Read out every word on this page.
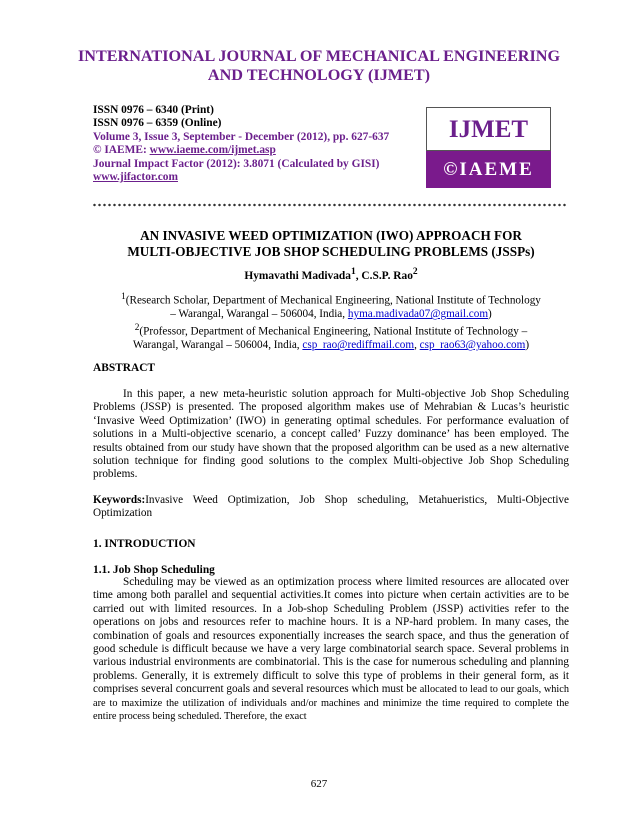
INTERNATIONAL JOURNAL OF MECHANICAL ENGINEERING
AND TECHNOLOGY (IJMET)
ISSN 0976 – 6340 (Print)
ISSN 0976 – 6359 (Online)
Volume 3, Issue 3, September - December (2012), pp. 627-637
© IAEME: www.iaeme.com/ijmet.asp
Journal Impact Factor (2012): 3.8071 (Calculated by GISI)
www.jifactor.com
IJMET
©IAEME
AN INVASIVE WEED OPTIMIZATION (IWO) APPROACH FOR
MULTI-OBJECTIVE JOB SHOP SCHEDULING PROBLEMS (JSSPs)
Hymavathi Madivada$^1$, C.S.P. Rao$^2$
$^1$(Research Scholar, Department of Mechanical Engineering, National Institute of Technology
– Warangal, Warangal – 506004, India, hyma.madivada07@gmail.com)
$^2$(Professor, Department of Mechanical Engineering, National Institute of Technology –
Warangal, Warangal – 506004, India, csp_rao@rediffmail.com, csp_rao63@yahoo.com)
ABSTRACT
In this paper, a new meta-heuristic solution approach for Multi-objective Job Shop Scheduling Problems (JSSP) is presented. The proposed algorithm makes use of Mehrabian & Lucas’s heuristic ‘Invasive Weed Optimization’ (IWO) in generating optimal schedules. For performance evaluation of solutions in a Multi-objective scenario, a concept called’ Fuzzy dominance’ has been employed. The results obtained from our study have shown that the proposed algorithm can be used as a new alternative solution technique for finding good solutions to the complex Multi-objective Job Shop Scheduling problems.
Keywords:Invasive Weed Optimization, Job Shop scheduling, Metahueristics, Multi-Objective Optimization
1. INTRODUCTION
1.1. Job Shop Scheduling
Scheduling may be viewed as an optimization process where limited resources are allocated over time among both parallel and sequential activities.It comes into picture when certain activities are to be carried out with limited resources. In a Job-shop Scheduling Problem (JSSP) activities refer to the operations on jobs and resources refer to machine hours. It is a NP-hard problem. In many cases, the combination of goals and resources exponentially increases the search space, and thus the generation of good schedule is difficult because we have a very large combinatorial search space. Several problems in various industrial environments are combinatorial. This is the case for numerous scheduling and planning problems. Generally, it is extremely difficult to solve this type of problems in their general form, as it comprises several concurrent goals and several resources which must be allocated to lead to our goals, which are to maximize the utilization of individuals and/or machines and minimize the time required to complete the entire process being scheduled. Therefore, the exact
627
